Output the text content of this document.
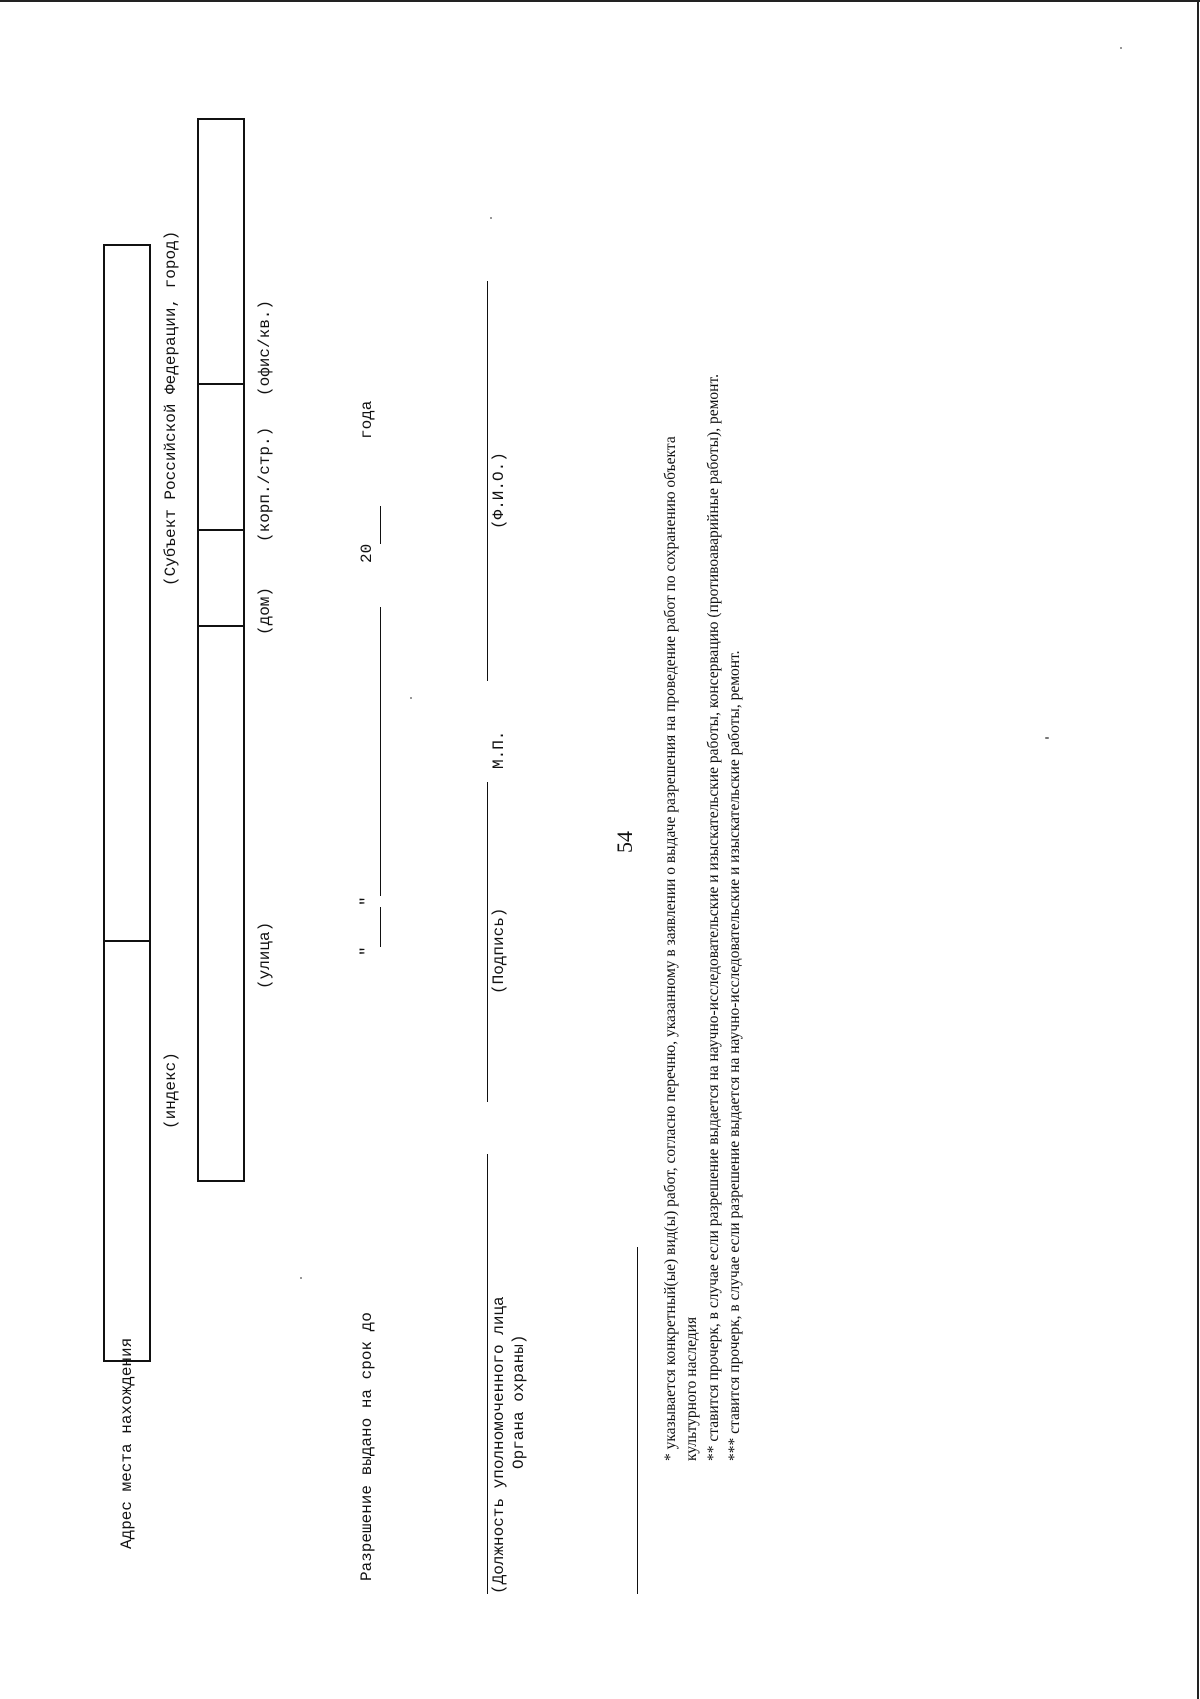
54
Адрес места нахождения
(индекс)
(Субъект Российской Федерации, город)
(улица)
(дом)
(корп./стр.)
(офис/кв.)
Разрешение выдано на срок до
"
"
20
года
(Должность уполномоченного лица Органа охраны)
(Подпись)
М.П.
(Ф.И.О.)	* указывается конкретный(ые) вид(ы) работ, согласно перечню, указанному в заявлении о выдаче разрешения на проведение работ по сохранению объекта культурного наследия ** ставится прочерк, в случае если разрешение выдается на научно-исследовательские и изыскательские работы, консервацию (противоаварийные работы), ремонт. *** ставится прочерк, в случае если разрешение выдается на научно-исследовательские и изыскательские работы, ремонт.
